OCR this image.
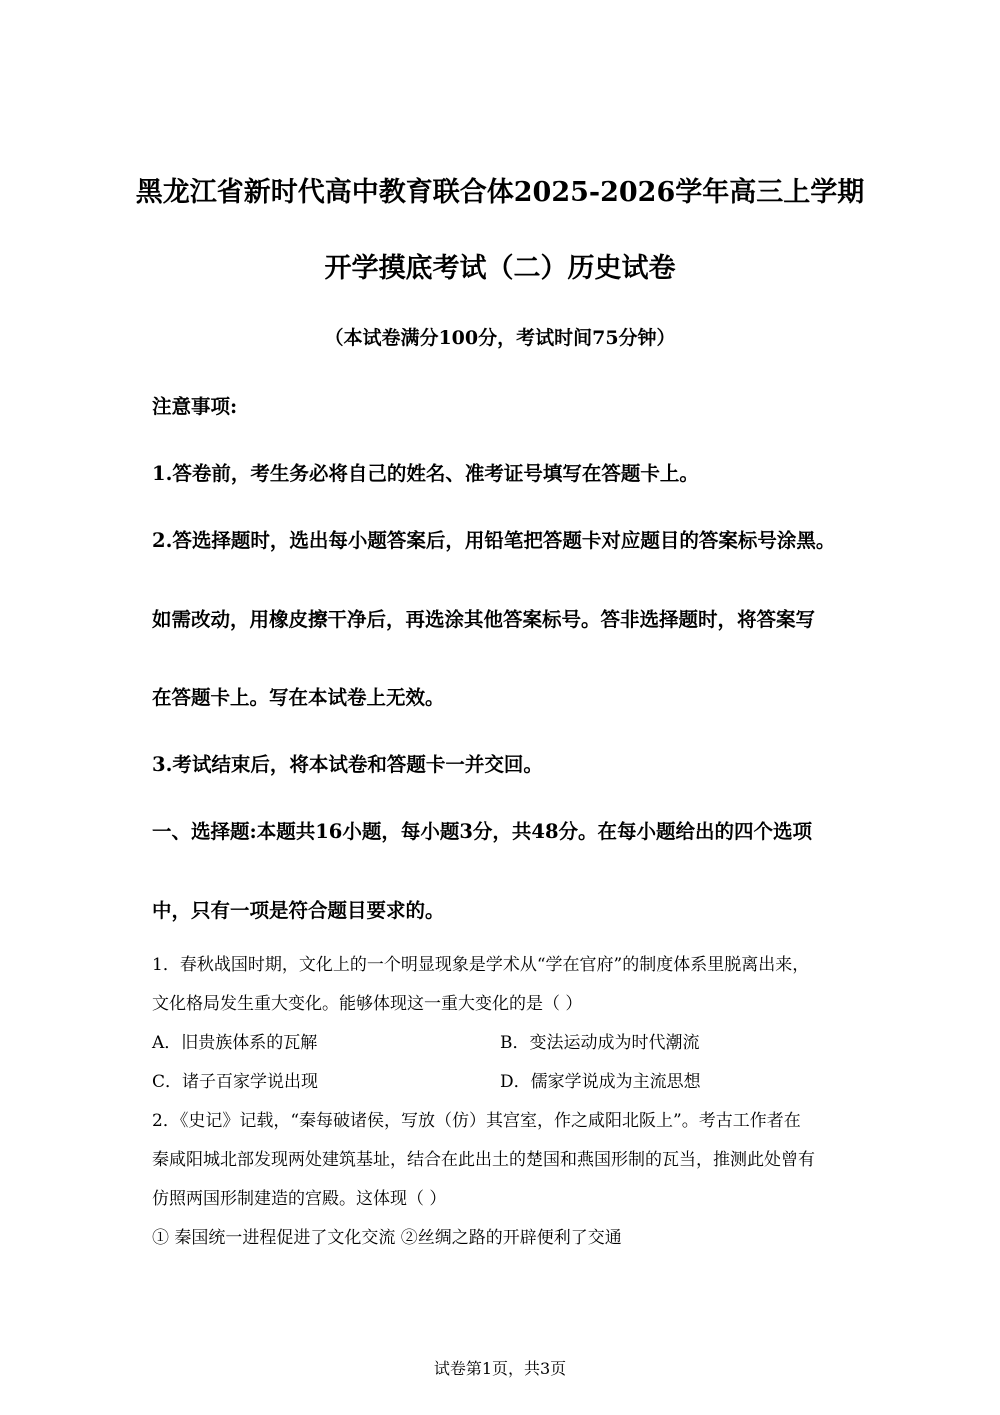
黑龙江省新时代高中教育联合体2025-2026学年高三上学期
开学摸底考试（二）历史试卷
（本试卷满分100分，考试时间75分钟）
注意事项:
1.答卷前，考生务必将自己的姓名、准考证号填写在答题卡上。
2.答选择题时，选出每小题答案后，用铅笔把答题卡对应题目的答案标号涂黑。
如需改动，用橡皮擦干净后，再选涂其他答案标号。答非选择题时，将答案写
在答题卡上。写在本试卷上无效。
3.考试结束后，将本试卷和答题卡一并交回。
一、选择题:本题共16小题，每小题3分，共48分。在每小题给出的四个选项
中，只有一项是符合题目要求的。
1．春秋战国时期，文化上的一个明显现象是学术从“学在官府”的制度体系里脱离出来，
文化格局发生重大变化。能够体现这一重大变化的是（ ）
A．旧贵族体系的瓦解	B．变法运动成为时代潮流
C．诸子百家学说出现	D．儒家学说成为主流思想
2．《史记》记载，“秦每破诸侯，写放（仿）其宫室，作之咸阳北阪上”。考古工作者在
秦咸阳城北部发现两处建筑基址，结合在此出土的楚国和燕国形制的瓦当，推测此处曾有
仿照两国形制建造的宫殿。这体现（ ）
① 秦国统一进程促进了文化交流 ②丝绸之路的开辟便利了交通
试卷第1页，共3页
